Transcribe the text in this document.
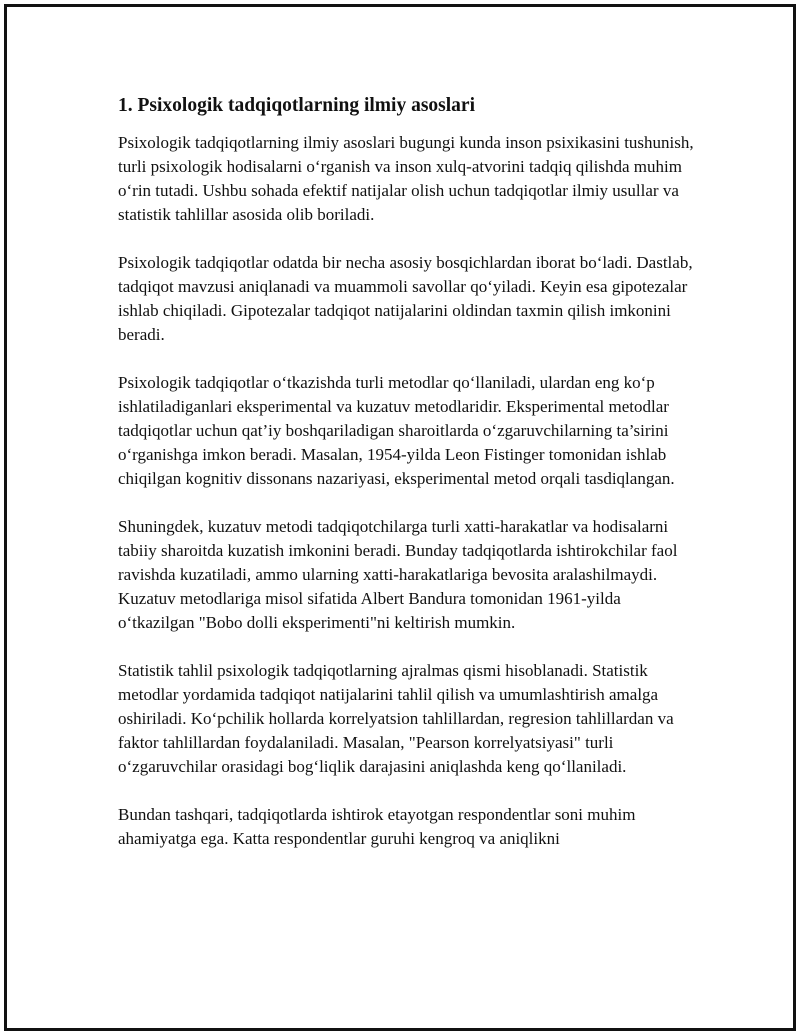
1. Psixologik tadqiqotlarning ilmiy asoslari

Psixologik tadqiqotlarning ilmiy asoslari bugungi kunda inson psixikasini tushunish, turli psixologik hodisalarni o‘rganish va inson xulq-atvorini tadqiq qilishda muhim o‘rin tutadi. Ushbu sohada efektif natijalar olish uchun tadqiqotlar ilmiy usullar va statistik tahlillar asosida olib boriladi.

Psixologik tadqiqotlar odatda bir necha asosiy bosqichlardan iborat bo‘ladi. Dastlab, tadqiqot mavzusi aniqlanadi va muammoli savollar qo‘yiladi. Keyin esa gipotezalar ishlab chiqiladi. Gipotezalar tadqiqot natijalarini oldindan taxmin qilish imkonini beradi.

Psixologik tadqiqotlar o‘tkazishda turli metodlar qo‘llaniladi, ulardan eng ko‘p ishlatiladiganlari eksperimental va kuzatuv metodlaridir. Eksperimental metodlar tadqiqotlar uchun qat’iy boshqariladigan sharoitlarda o‘zgaruvchilarning ta’sirini o‘rganishga imkon beradi. Masalan, 1954-yilda Leon Fistinger tomonidan ishlab chiqilgan kognitiv dissonans nazariyasi, eksperimental metod orqali tasdiqlangan.

Shuningdek, kuzatuv metodi tadqiqotchilarga turli xatti-harakatlar va hodisalarni tabiiy sharoitda kuzatish imkonini beradi. Bunday tadqiqotlarda ishtirokchilar faol ravishda kuzatiladi, ammo ularning xatti-harakatlariga bevosita aralashilmaydi. Kuzatuv metodlariga misol sifatida Albert Bandura tomonidan 1961-yilda o‘tkazilgan "Bobo dolli eksperimenti"ni keltirish mumkin.

Statistik tahlil psixologik tadqiqotlarning ajralmas qismi hisoblanadi. Statistik metodlar yordamida tadqiqot natijalarini tahlil qilish va umumlashtirish amalga oshiriladi. Ko‘pchilik hollarda korrelyatsion tahlillardan, regresion tahlillardan va faktor tahlillardan foydalaniladi. Masalan, "Pearson korrelyatsiyasi" turli o‘zgaruvchilar orasidagi bog‘liqlik darajasini aniqlashda keng qo‘llaniladi.

Bundan tashqari, tadqiqotlarda ishtirok etayotgan respondentlar soni muhim ahamiyatga ega. Katta respondentlar guruhi kengroq va aniqlikni
